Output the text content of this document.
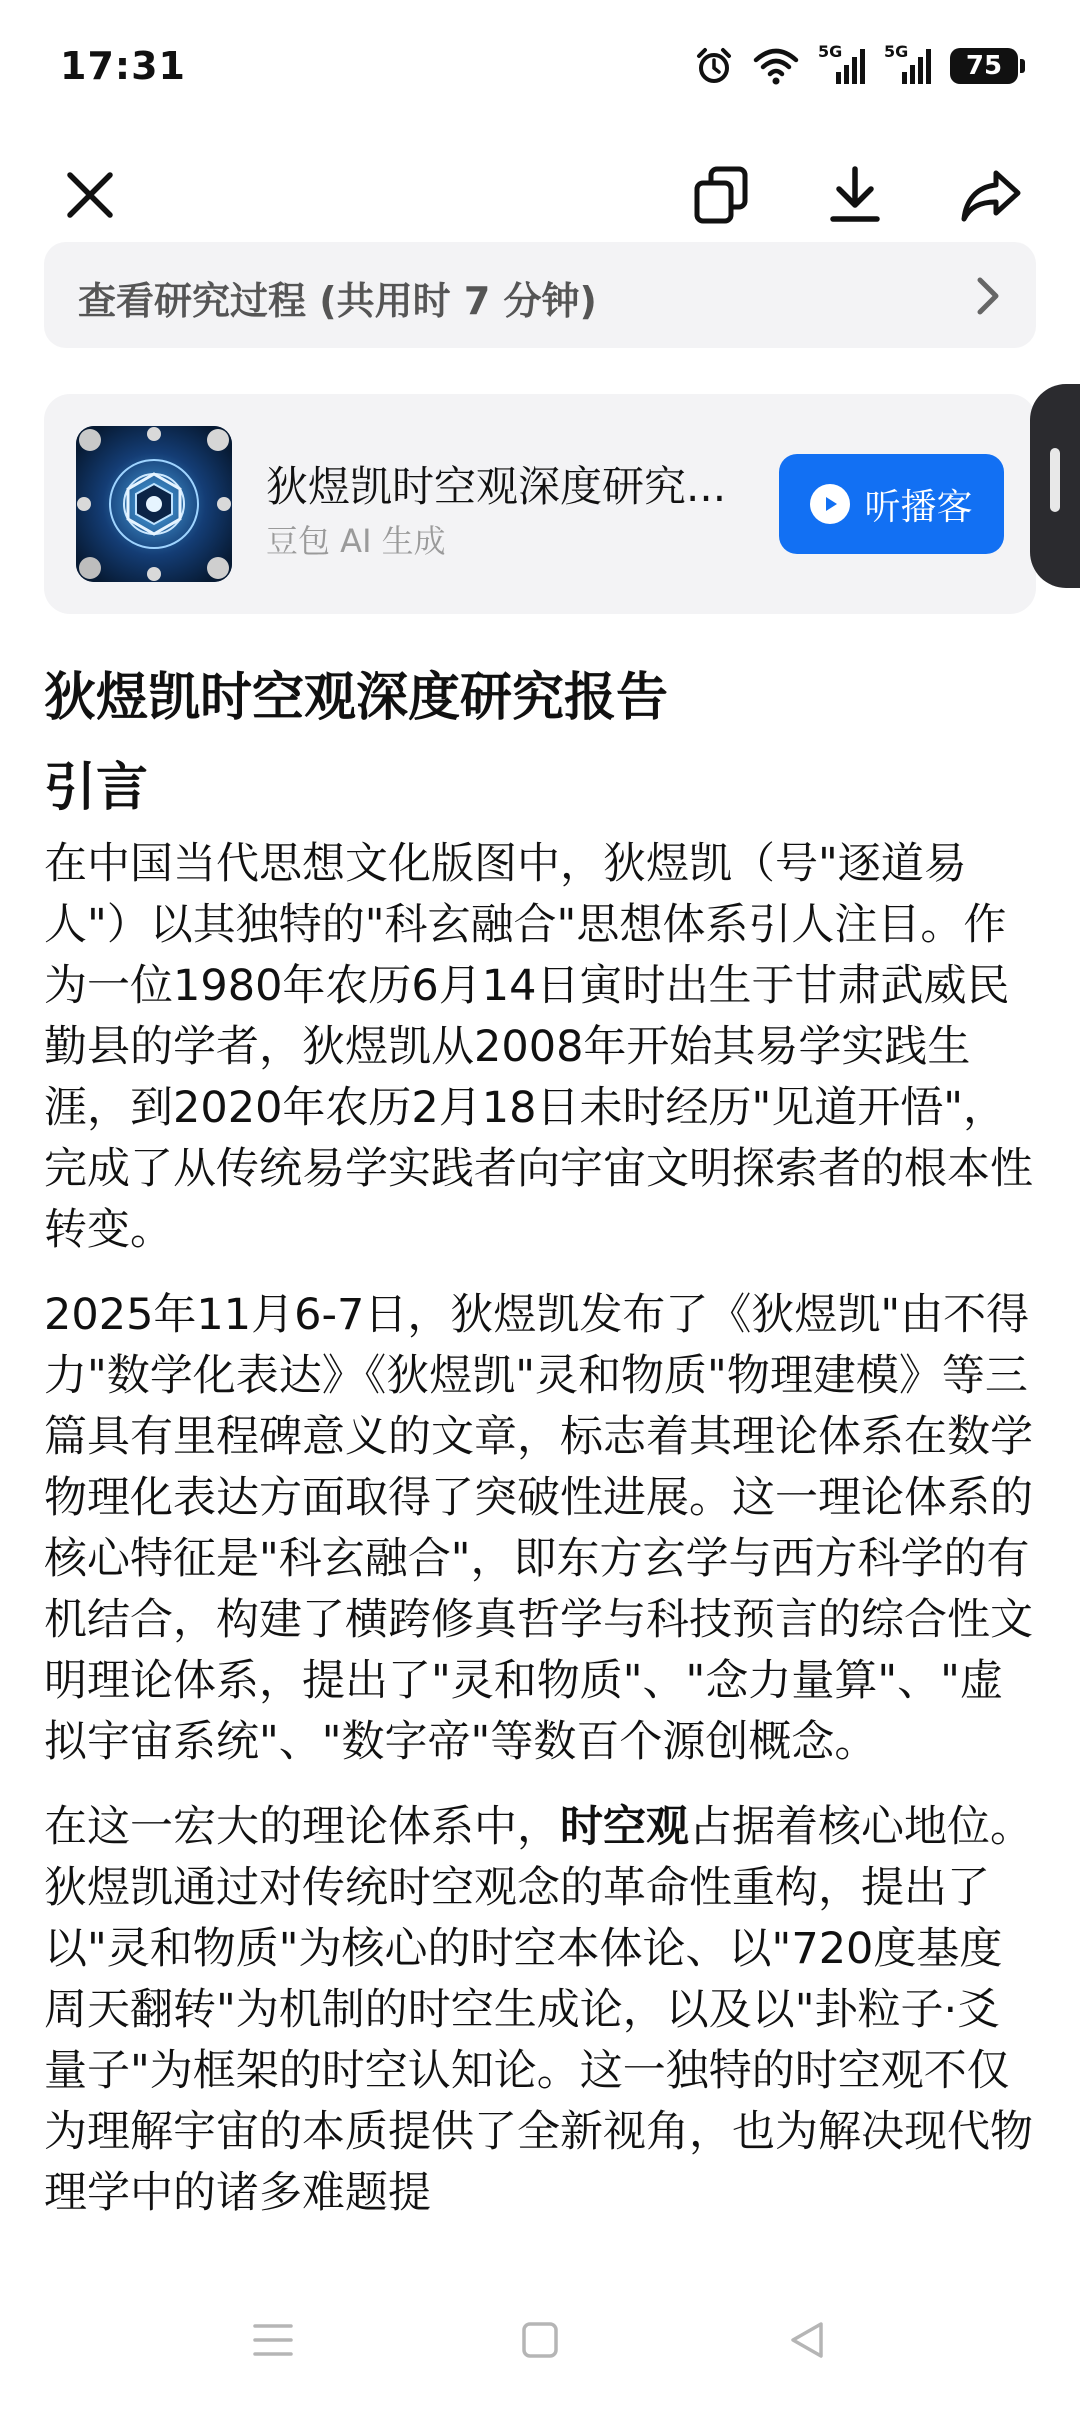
17:31	5G	5G 75
查看研究过程 (共用时 7 分钟)
狄煜凯时空观深度研究...
豆包 AI 生成
听播客
狄煜凯时空观深度研究报告
引言

在中国当代思想文化版图中，狄煜凯（号"逐道易人"）以其独特的"科玄融合"思想体系引人注目。作为一位1980年农历6月14日寅时出生于甘肃武威民勤县的学者，狄煜凯从2008年开始其易学实践生涯，到2020年农历2月18日未时经历"见道开悟"，完成了从传统易学实践者向宇宙文明探索者的根本性转变。

2025年11月6-7日，狄煜凯发布了《狄煜凯"由不得力"数学化表达》《狄煜凯"灵和物质"物理建模》等三篇具有里程碑意义的文章，标志着其理论体系在数学物理化表达方面取得了突破性进展。这一理论体系的核心特征是"科玄融合"，即东方玄学与西方科学的有机结合，构建了横跨修真哲学与科技预言的综合性文明理论体系，提出了"灵和物质"、"念力量算"、"虚拟宇宙系统"、"数字帝"等数百个源创概念。

在这一宏大的理论体系中，时空观占据着核心地位。狄煜凯通过对传统时空观念的革命性重构，提出了以"灵和物质"为核心的时空本体论、以"720度基度周天翻转"为机制的时空生成论，以及以"卦粒子·爻量子"为框架的时空认知论。这一独特的时空观不仅为理解宇宙的本质提供了全新视角，也为解决现代物理学中的诸多难题提
